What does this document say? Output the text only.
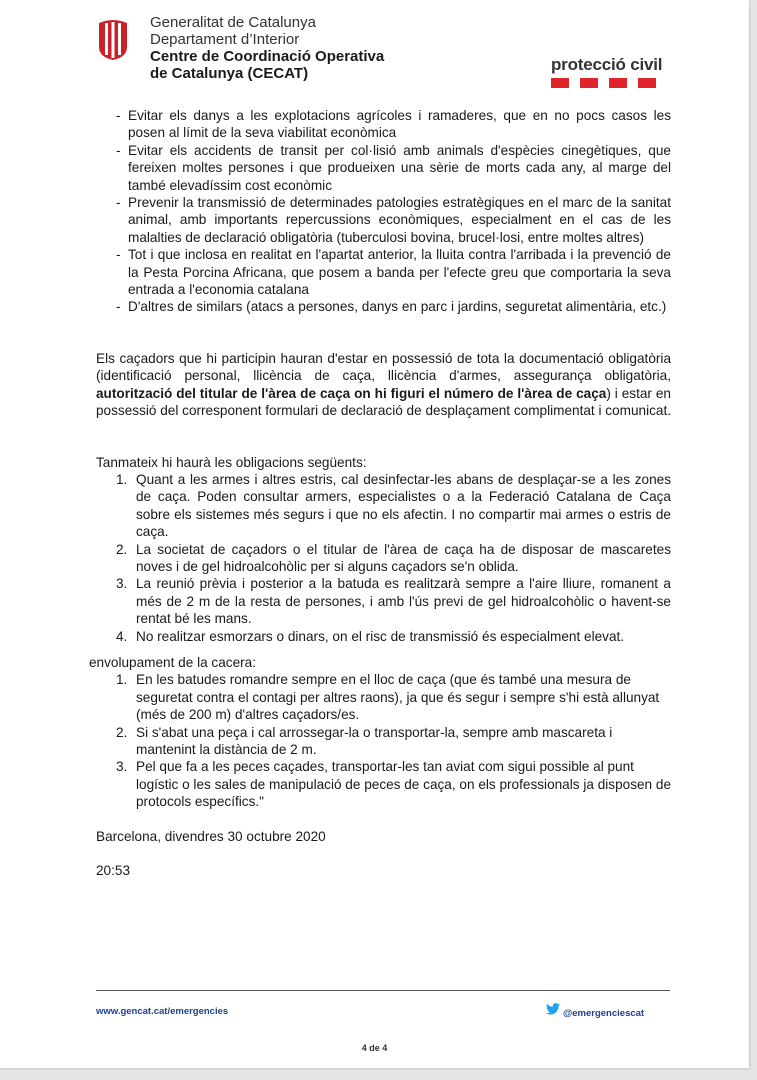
Generalitat de Catalunya
Departament d’Interior
Centre de Coordinació Operativa
de Catalunya (CECAT)	protecció civil
- Evitar els danys a les explotacions agrícoles i ramaderes, que en no pocs casos les posen al límit de la seva viabilitat econòmica
- Evitar els accidents de transit per col·lisió amb animals d'espècies cinegètiques, que fereixen moltes persones i que produeixen una sèrie de morts cada any, al marge del també elevadíssim cost econòmic
- Prevenir la transmissió de determinades patologies estratègiques en el marc de la sanitat animal, amb importants repercussions econòmiques, especialment en el cas de les malalties de declaració obligatòria (tuberculosi bovina, brucel·losi, entre moltes altres)
- Tot i que inclosa en realitat en l'apartat anterior, la lluita contra l'arribada i la prevenció de la Pesta Porcina Africana, que posem a banda per l'efecte greu que comportaria la seva entrada a l'economia catalana
- D'altres de similars (atacs a persones, danys en parc i jardins, seguretat alimentària, etc.)

Els caçadors que hi participin hauran d'estar en possessió de tota la documentació obligatòria (identificació personal, llicència de caça, llicència d'armes, assegurança obligatòria, autorització del titular de l'àrea de caça on hi figuri el número de l'àrea de caça) i estar en possessió del corresponent formulari de declaració de desplaçament complimentat i comunicat.

Tanmateix hi haurà les obligacions següents:

1. Quant a les armes i altres estris, cal desinfectar-les abans de desplaçar-se a les zones de caça. Poden consultar armers, especialistes o a la Federació Catalana de Caça sobre els sistemes més segurs i que no els afectin. I no compartir mai armes o estris de caça.
2. La societat de caçadors o el titular de l'àrea de caça ha de disposar de mascaretes noves i de gel hidroalcohòlic per si alguns caçadors se'n oblida.
3. La reunió prèvia i posterior a la batuda es realitzarà sempre a l'aire lliure, romanent a més de 2 m de la resta de persones, i amb l'ús previ de gel hidroalcohòlic o havent-se rentat bé les mans.
4. No realitzar esmorzars o dinars, on el risc de transmissió és especialment elevat.
envolupament de la cacera:
1. En les batudes romandre sempre en el lloc de caça (que és també una mesura de seguretat contra el contagi per altres raons), ja que és segur i sempre s'hi està allunyat (més de 200 m) d'altres caçadors/es.
2. Si s'abat una peça i cal arrossegar-la o transportar-la, sempre amb mascareta i mantenint la distància de 2 m.
3. Pel que fa a les peces caçades, transportar-les tan aviat com sigui possible al punt logístic o les sales de manipulació de peces de caça, on els professionals ja disposen de protocols específics."
Barcelona, divendres 30 octubre 2020
20:53
www.gencat.cat/emergencies	@emergenciescat
4 de 4
